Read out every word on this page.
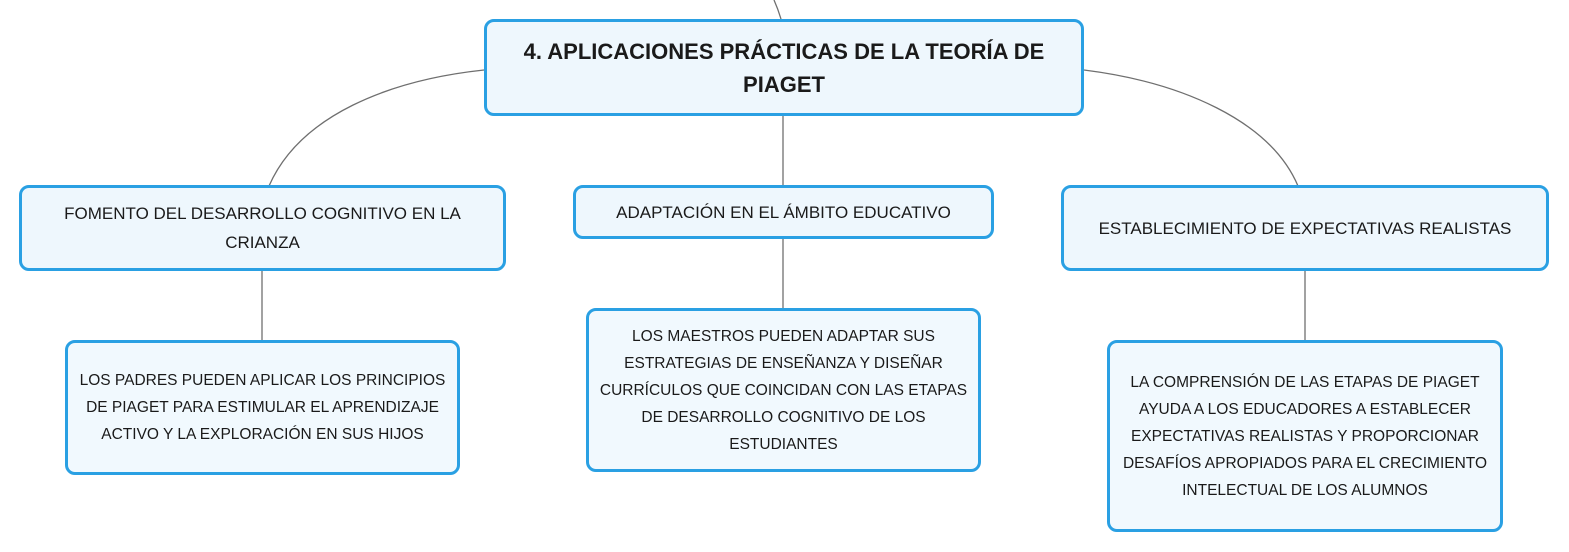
4. APLICACIONES PRÁCTICAS DE LA TEORÍA DE PIAGET
FOMENTO DEL DESARROLLO COGNITIVO EN LA CRIANZA
ADAPTACIÓN EN EL ÁMBITO EDUCATIVO
ESTABLECIMIENTO DE EXPECTATIVAS REALISTAS
LOS PADRES PUEDEN APLICAR LOS PRINCIPIOS DE PIAGET PARA ESTIMULAR EL APRENDIZAJE ACTIVO Y LA EXPLORACIÓN EN SUS HIJOS
LOS MAESTROS PUEDEN ADAPTAR SUS ESTRATEGIAS DE ENSEÑANZA Y DISEÑAR CURRÍCULOS QUE COINCIDAN CON LAS ETAPAS DE DESARROLLO COGNITIVO DE LOS ESTUDIANTES
LA COMPRENSIÓN DE LAS ETAPAS DE PIAGET AYUDA A LOS EDUCADORES A ESTABLECER EXPECTATIVAS REALISTAS Y PROPORCIONAR DESAFÍOS APROPIADOS PARA EL CRECIMIENTO INTELECTUAL DE LOS ALUMNOS
